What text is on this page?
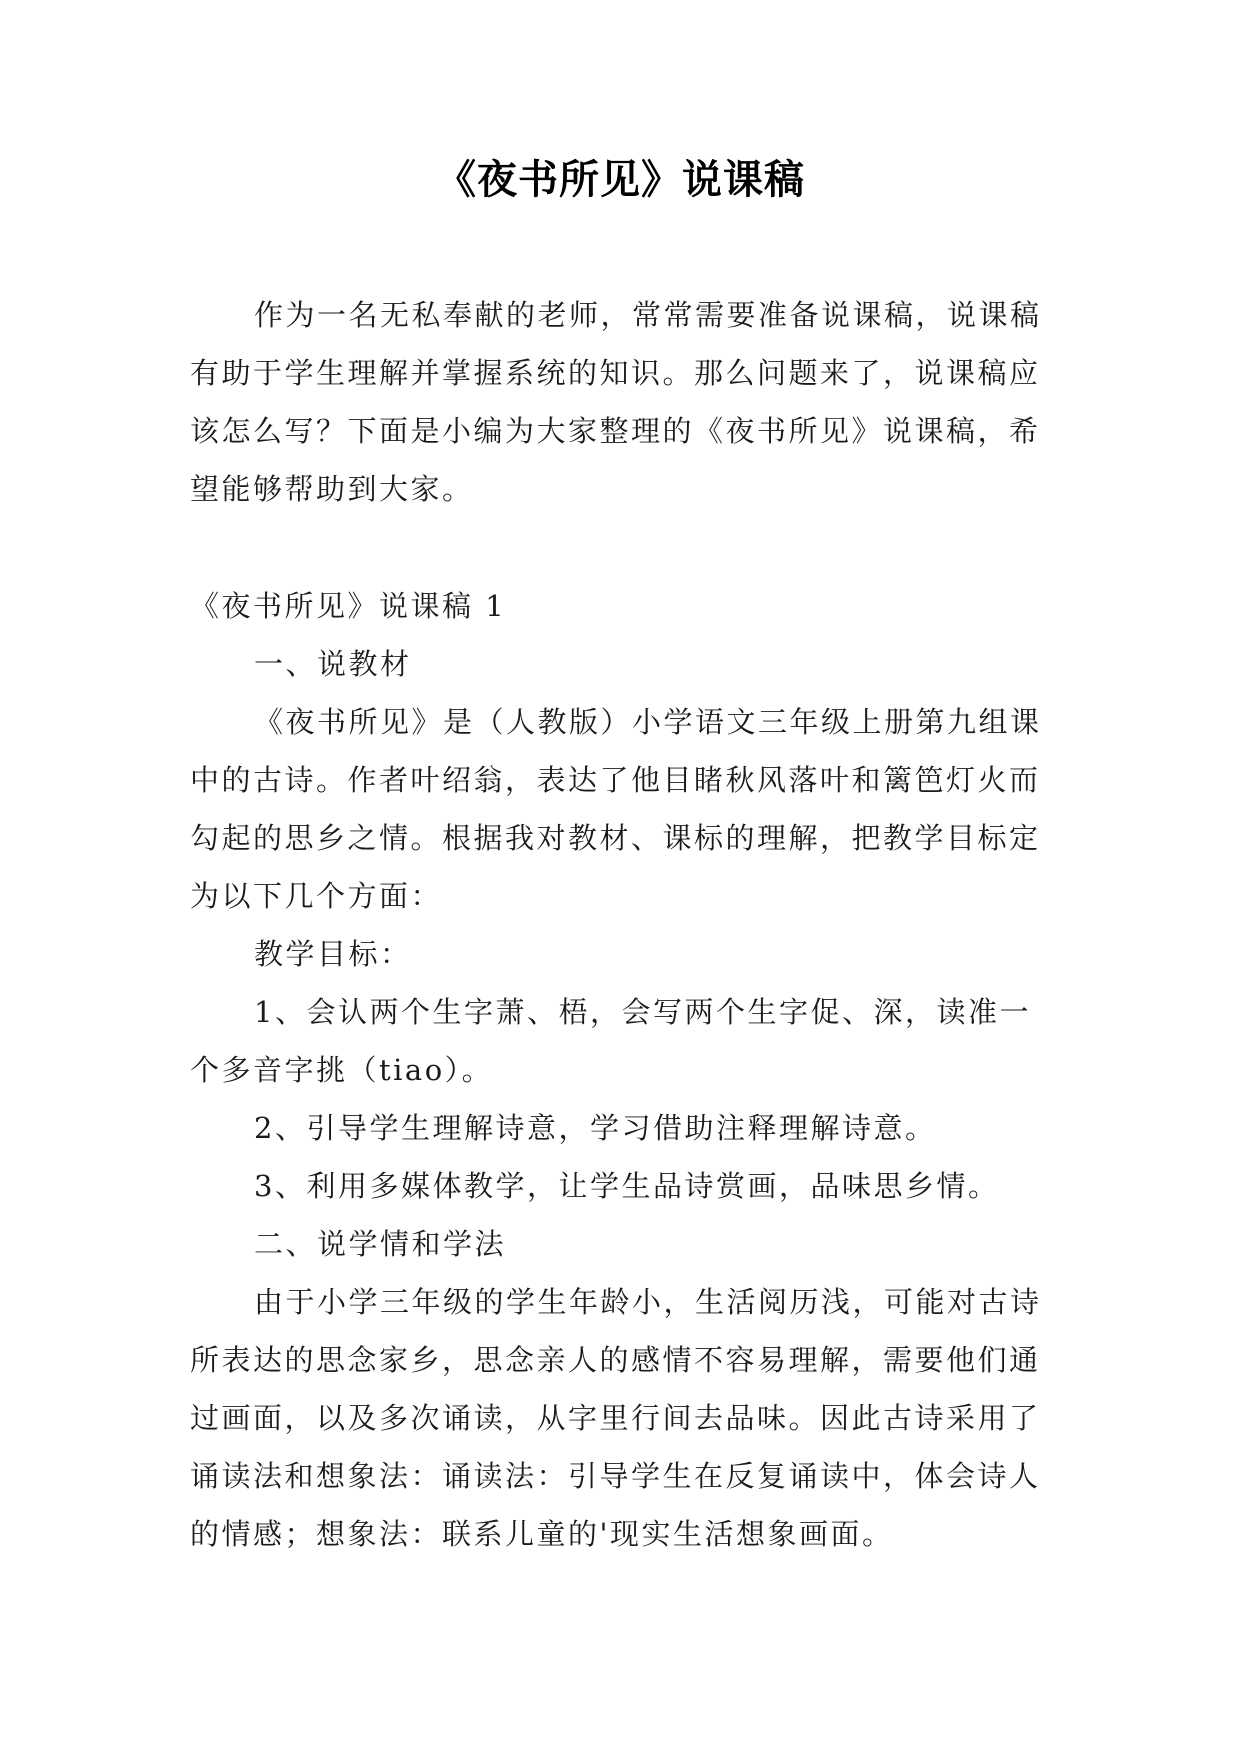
《夜书所见》说课稿

作为一名无私奉献的老师，常常需要准备说课稿，说课稿有助于学生理解并掌握系统的知识。那么问题来了，说课稿应该怎么写？下面是小编为大家整理的《夜书所见》说课稿，希望能够帮助到大家。

《夜书所见》说课稿 1

一、说教材

《夜书所见》是（人教版）小学语文三年级上册第九组课中的古诗。作者叶绍翁，表达了他目睹秋风落叶和篱笆灯火而勾起的思乡之情。根据我对教材、课标的理解，把教学目标定为以下几个方面：

教学目标：

1、会认两个生字萧、梧，会写两个生字促、深，读准一个多音字挑（tiao）。

2、引导学生理解诗意，学习借助注释理解诗意。

3、利用多媒体教学，让学生品诗赏画，品味思乡情。

二、说学情和学法

由于小学三年级的学生年龄小，生活阅历浅，可能对古诗所表达的思念家乡，思念亲人的感情不容易理解，需要他们通过画面，以及多次诵读，从字里行间去品味。因此古诗采用了诵读法和想象法：诵读法：引导学生在反复诵读中，体会诗人的情感；想象法：联系儿童的'现实生活想象画面。
